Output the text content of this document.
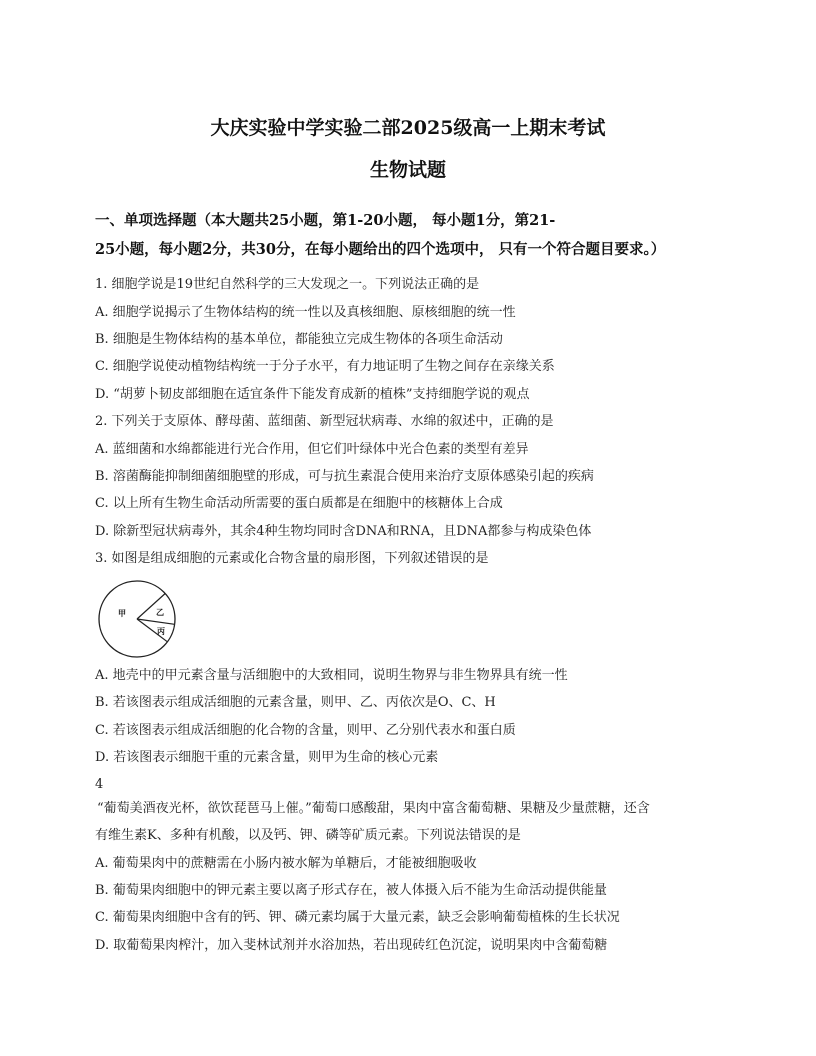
大庆实验中学实验二部2025级高一上期末考试
生物试题
一、单项选择题（本大题共25小题，第1-20小题， 每小题1分，第21-
25小题，每小题2分，共30分，在每小题给出的四个选项中， 只有一个符合题目要求。）
1. 细胞学说是19世纪自然科学的三大发现之一。下列说法正确的是
A. 细胞学说揭示了生物体结构的统一性以及真核细胞、原核细胞的统一性
B. 细胞是生物体结构的基本单位，都能独立完成生物体的各项生命活动
C. 细胞学说使动植物结构统一于分子水平，有力地证明了生物之间存在亲缘关系
D. “胡萝卜韧皮部细胞在适宜条件下能发育成新的植株”支持细胞学说的观点
2. 下列关于支原体、酵母菌、蓝细菌、新型冠状病毒、水绵的叙述中，正确的是
A. 蓝细菌和水绵都能进行光合作用，但它们叶绿体中光合色素的类型有差异
B. 溶菌酶能抑制细菌细胞壁的形成，可与抗生素混合使用来治疗支原体感染引起的疾病
C. 以上所有生物生命活动所需要的蛋白质都是在细胞中的核糖体上合成
D. 除新型冠状病毒外，其余4种生物均同时含DNA和RNA，且DNA都参与构成染色体
3. 如图是组成细胞的元素或化合物含量的扇形图，下列叙述错误的是
甲	乙
丙
A. 地壳中的甲元素含量与活细胞中的大致相同，说明生物界与非生物界具有统一性
B. 若该图表示组成活细胞的元素含量，则甲、乙、丙依次是O、C、H
C. 若该图表示组成活细胞的化合物的含量，则甲、乙分别代表水和蛋白质
D. 若该图表示细胞干重的元素含量，则甲为生命的核心元素
4
“葡萄美酒夜光杯，欲饮琵琶马上催。”葡萄口感酸甜，果肉中富含葡萄糖、果糖及少量蔗糖，还含
有维生素K、多种有机酸，以及钙、钾、磷等矿质元素。下列说法错误的是
A. 葡萄果肉中的蔗糖需在小肠内被水解为单糖后，才能被细胞吸收
B. 葡萄果肉细胞中的钾元素主要以离子形式存在，被人体摄入后不能为生命活动提供能量
C. 葡萄果肉细胞中含有的钙、钾、磷元素均属于大量元素，缺乏会影响葡萄植株的生长状况
D. 取葡萄果肉榨汁，加入斐林试剂并水浴加热，若出现砖红色沉淀，说明果肉中含葡萄糖
